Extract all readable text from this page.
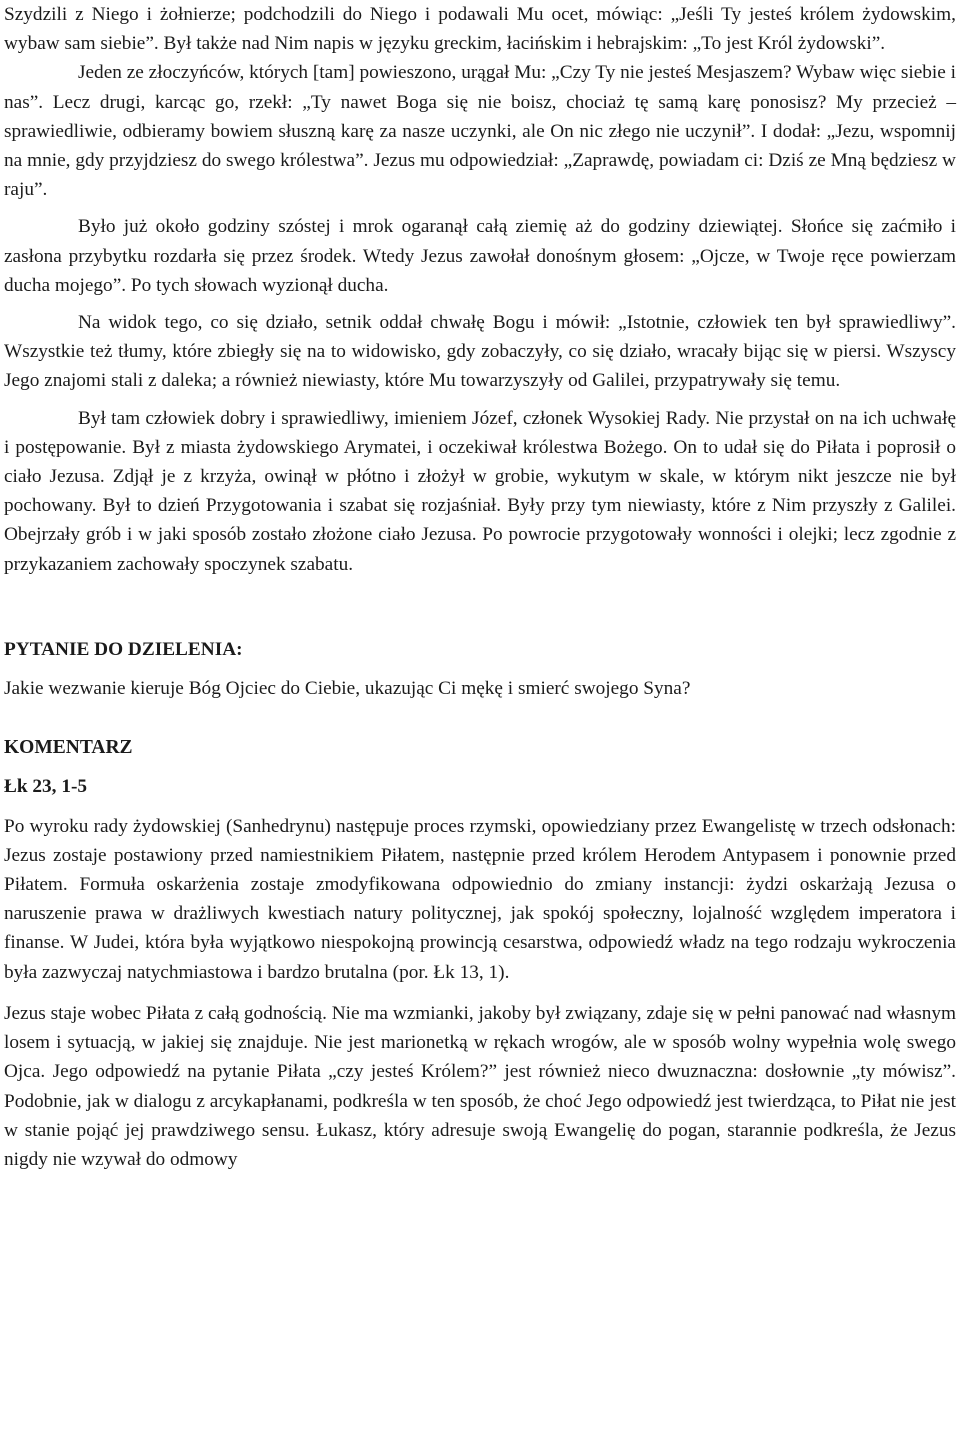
Szydzili z Niego i żołnierze; podchodzili do Niego i podawali Mu ocet, mówiąc: „Jeśli Ty jesteś królem żydowskim, wybaw sam siebie”. Był także nad Nim napis w języku greckim, łacińskim i hebrajskim: „To jest Król żydowski”.

Jeden ze złoczyńców, których [tam] powieszono, urągał Mu: „Czy Ty nie jesteś Mesjaszem? Wybaw więc siebie i nas”. Lecz drugi, karcąc go, rzekł: „Ty nawet Boga się nie boisz, chociaż tę samą karę ponosisz? My przecież – sprawiedliwie, odbieramy bowiem słuszną karę za nasze uczynki, ale On nic złego nie uczynił”. I dodał: „Jezu, wspomnij na mnie, gdy przyjdziesz do swego królestwa”. Jezus mu odpowiedział: „Zaprawdę, powiadam ci: Dziś ze Mną będziesz w raju”.

Było już około godziny szóstej i mrok ogaranął całą ziemię aż do godziny dziewiątej. Słońce się zaćmiło i zasłona przybytku rozdarła się przez środek. Wtedy Jezus zawołał donośnym głosem: „Ojcze, w Twoje ręce powierzam ducha mojego”. Po tych słowach wyzionął ducha.

Na widok tego, co się działo, setnik oddał chwałę Bogu i mówił: „Istotnie, człowiek ten był sprawiedliwy”. Wszystkie też tłumy, które zbiegły się na to widowisko, gdy zobaczyły, co się działo, wracały bijąc się w piersi. Wszyscy Jego znajomi stali z daleka; a również niewiasty, które Mu towarzyszyły od Galilei, przypatrywały się temu.

Był tam człowiek dobry i sprawiedliwy, imieniem Józef, członek Wysokiej Rady. Nie przystał on na ich uchwałę i postępowanie. Był z miasta żydowskiego Arymatei, i oczekiwał królestwa Bożego. On to udał się do Piłata i poprosił o ciało Jezusa. Zdjął je z krzyża, owinął w płótno i złożył w grobie, wykutym w skale, w którym nikt jeszcze nie był pochowany. Był to dzień Przygotowania i szabat się rozjaśniał. Były przy tym niewiasty, które z Nim przyszły z Galilei. Obejrzały grób i w jaki sposób zostało złożone ciało Jezusa. Po powrocie przygotowały wonności i olejki; lecz zgodnie z przykazaniem zachowały spoczynek szabatu.

PYTANIE DO DZIELENIA:

Jakie wezwanie kieruje Bóg Ojciec do Ciebie, ukazując Ci mękę i smierć swojego Syna?

KOMENTARZ

Łk 23, 1-5

Po wyroku rady żydowskiej (Sanhedrynu) następuje proces rzymski, opowiedziany przez Ewangelistę w trzech odsłonach: Jezus zostaje postawiony przed namiestnikiem Piłatem, następnie przed królem Herodem Antypasem i ponownie przed Piłatem. Formuła oskarżenia zostaje zmodyfikowana odpowiednio do zmiany instancji: żydzi oskarżają Jezusa o naruszenie prawa w drażliwych kwestiach natury politycznej, jak spokój społeczny, lojalność względem imperatora i finanse. W Judei, która była wyjątkowo niespokojną prowincją cesarstwa, odpowiedź władz na tego rodzaju wykroczenia była zazwyczaj natychmiastowa i bardzo brutalna (por. Łk 13, 1).

Jezus staje wobec Piłata z całą godnością. Nie ma wzmianki, jakoby był związany, zdaje się w pełni panować nad własnym losem i sytuacją, w jakiej się znajduje. Nie jest marionetką w rękach wrogów, ale w sposób wolny wypełnia wolę swego Ojca. Jego odpowiedź na pytanie Piłata „czy jesteś Królem?” jest również nieco dwuznaczna: dosłownie „ty mówisz”. Podobnie, jak w dialogu z arcykapłanami, podkreśla w ten sposób, że choć Jego odpowiedź jest twierdząca, to Piłat nie jest w stanie pojąć jej prawdziwego sensu. Łukasz, który adresuje swoją Ewangelię do pogan, starannie podkreśla, że Jezus nigdy nie wzywał do odmowy
